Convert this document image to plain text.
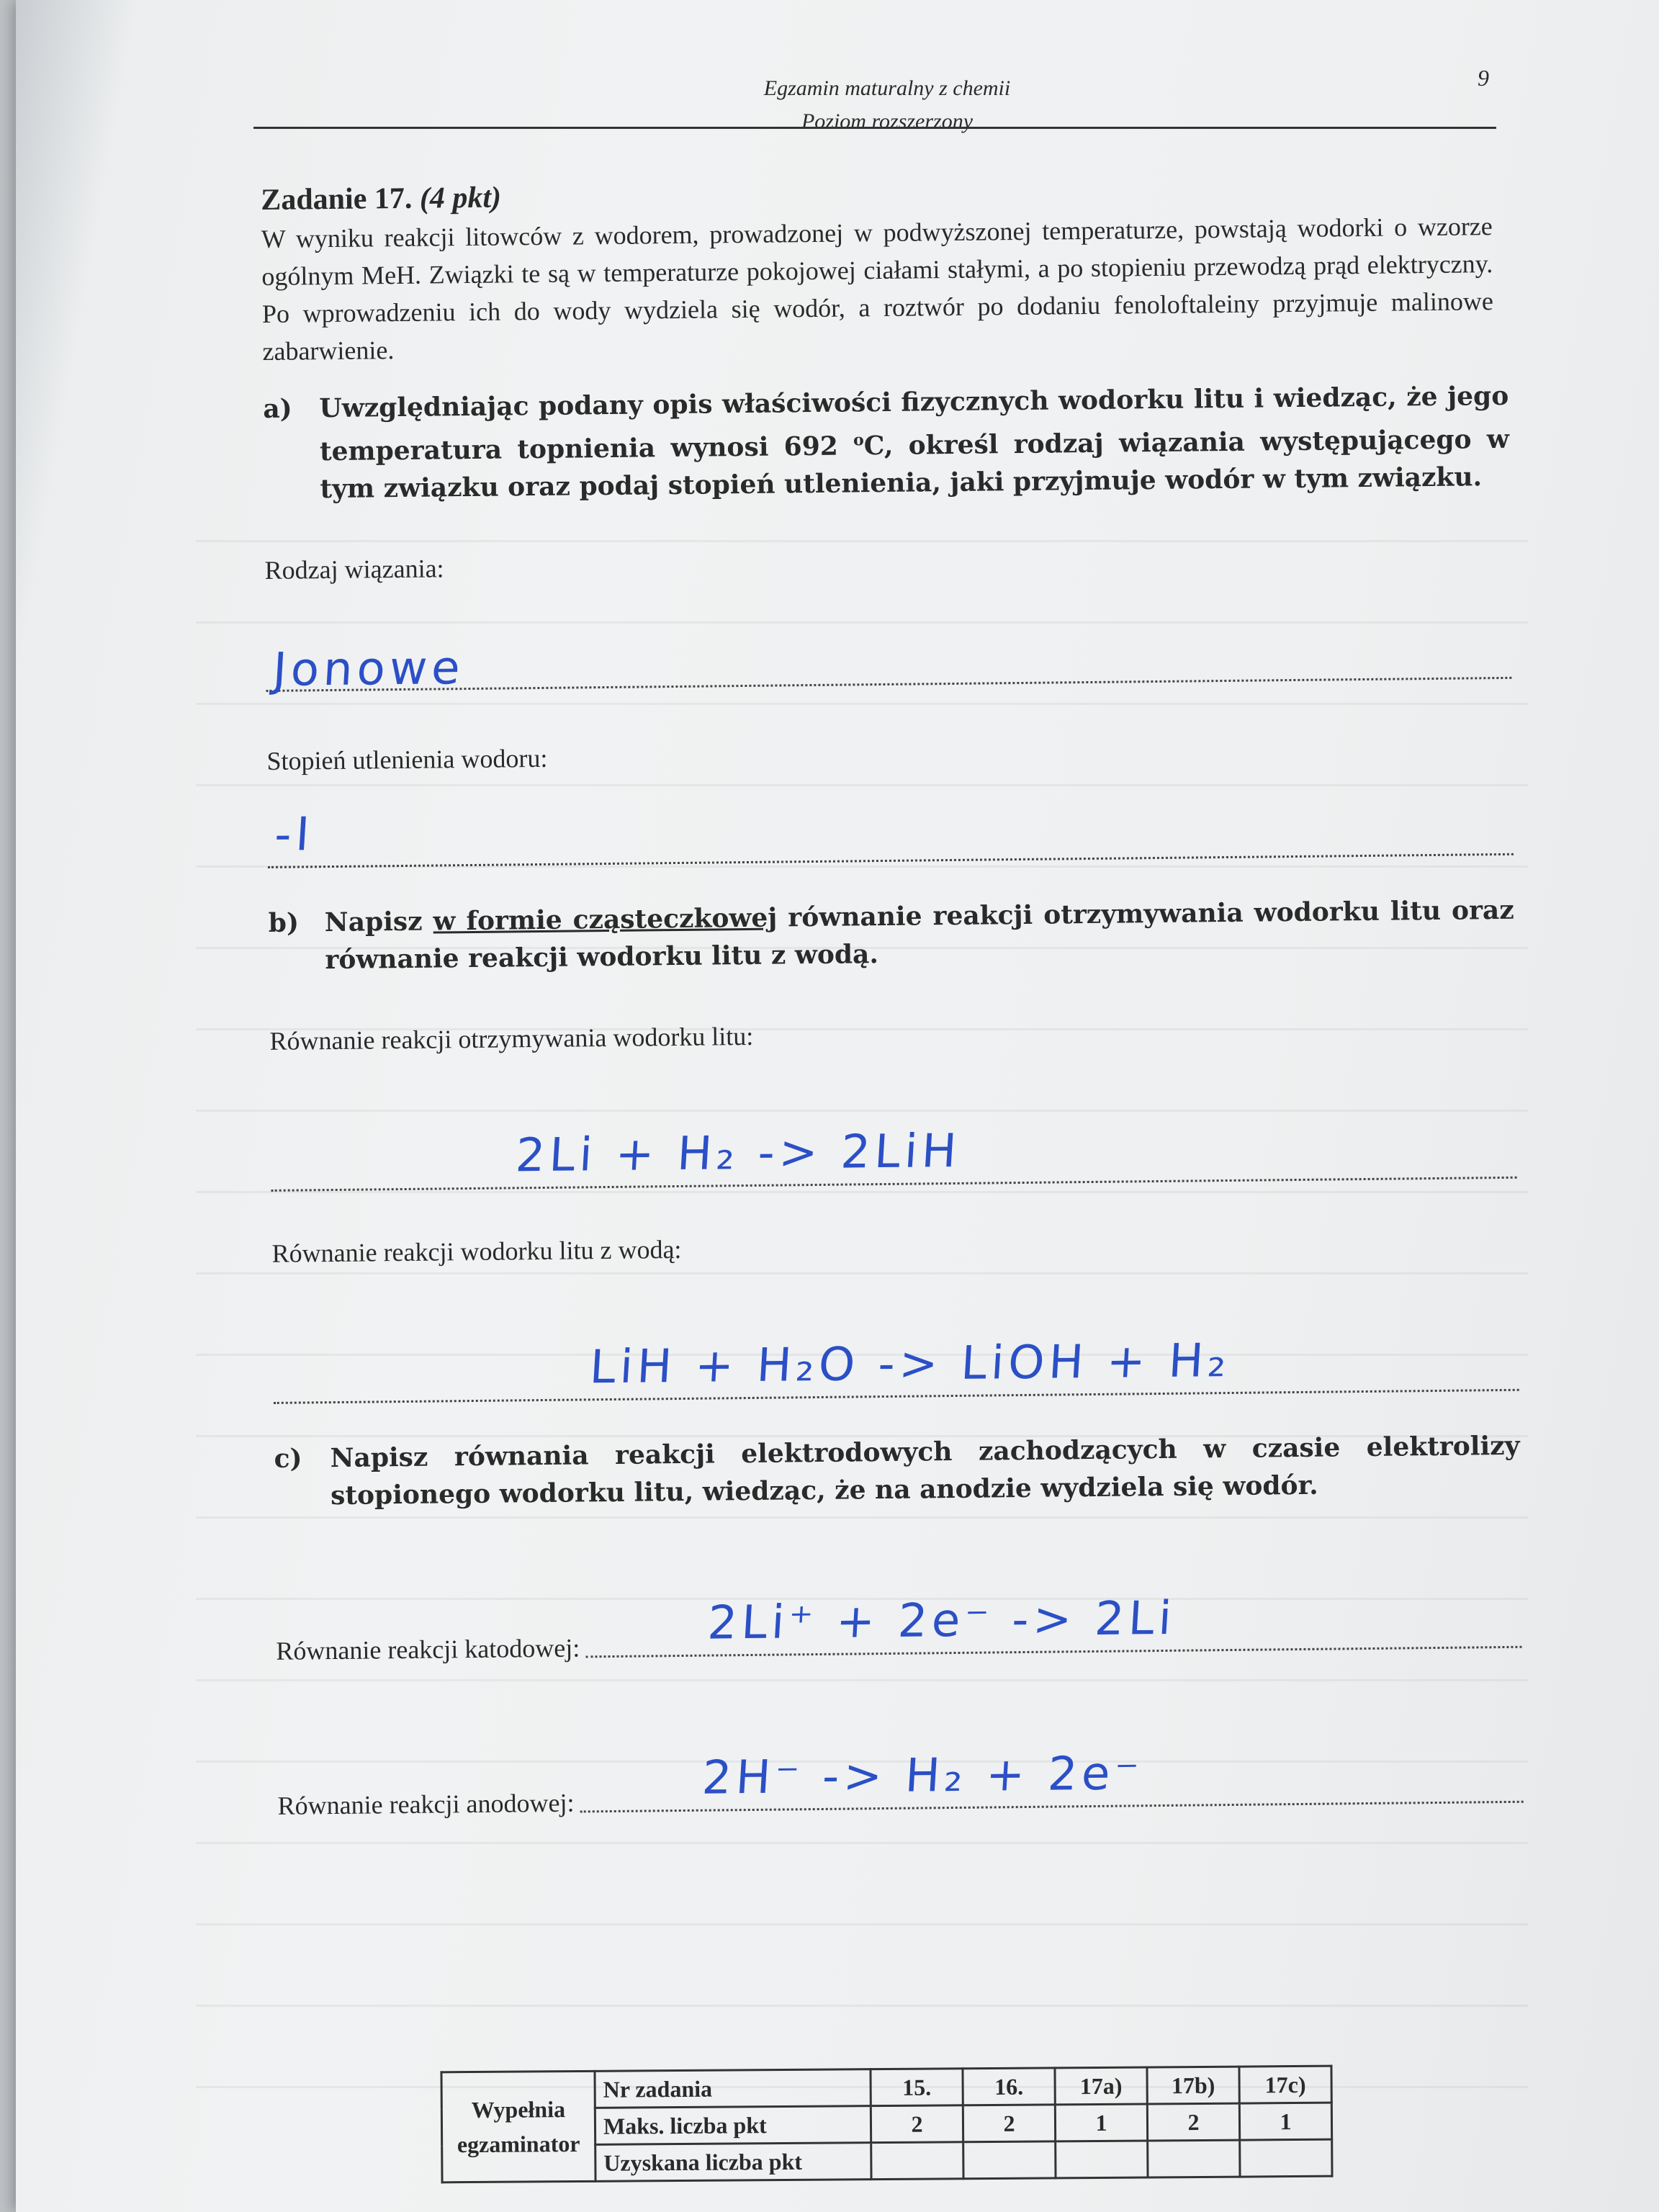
Egzamin maturalny z chemii
Poziom rozszerzony
9

Zadanie 17. (4 pkt)

W wyniku reakcji litowców z wodorem, prowadzonej w podwyższonej temperaturze, powstają wodorki o wzorze ogólnym MeH. Związki te są w temperaturze pokojowej ciałami stałymi, a po stopieniu przewodzą prąd elektryczny. Po wprowadzeniu ich do wody wydziela się wodór, a roztwór po dodaniu fenoloftaleiny przyjmuje malinowe zabarwienie.

a)	Uwzględniając podany opis właściwości fizycznych wodorku litu i wiedząc, że jego temperatura topnienia wynosi 692 $^o$C, określ rodzaj wiązania występującego w tym związku oraz podaj stopień utlenienia, jaki przyjmuje wodór w tym związku.
Rodzaj wiązania:
Jonowe
Stopień utlenienia wodoru:
-I
b) Napisz w formie cząsteczkowej równanie reakcji otrzymywania wodorku litu oraz równanie reakcji wodorku litu z wodą.
Równanie reakcji otrzymywania wodorku litu:
2Li + H₂ -> 2LiH
Równanie reakcji wodorku litu z wodą:
LiH + H₂O -> LiOH + H₂
c)	Napisz równania reakcji elektrodowych zachodzących w czasie elektrolizy stopionego wodorku litu, wiedząc, że na anodzie wydziela się wodór.
Równanie reakcji katodowej:	2Li⁺ + 2e⁻ -> 2Li
Równanie reakcji anodowej:	2H⁻ -> H₂ + 2e⁻
Wypełnia egzaminator	Nr zadania	15.	16.	17a)	17b)	17c)
	Maks. liczba pkt	2	2	1	2	1
	Uzyskana liczba pkt					
